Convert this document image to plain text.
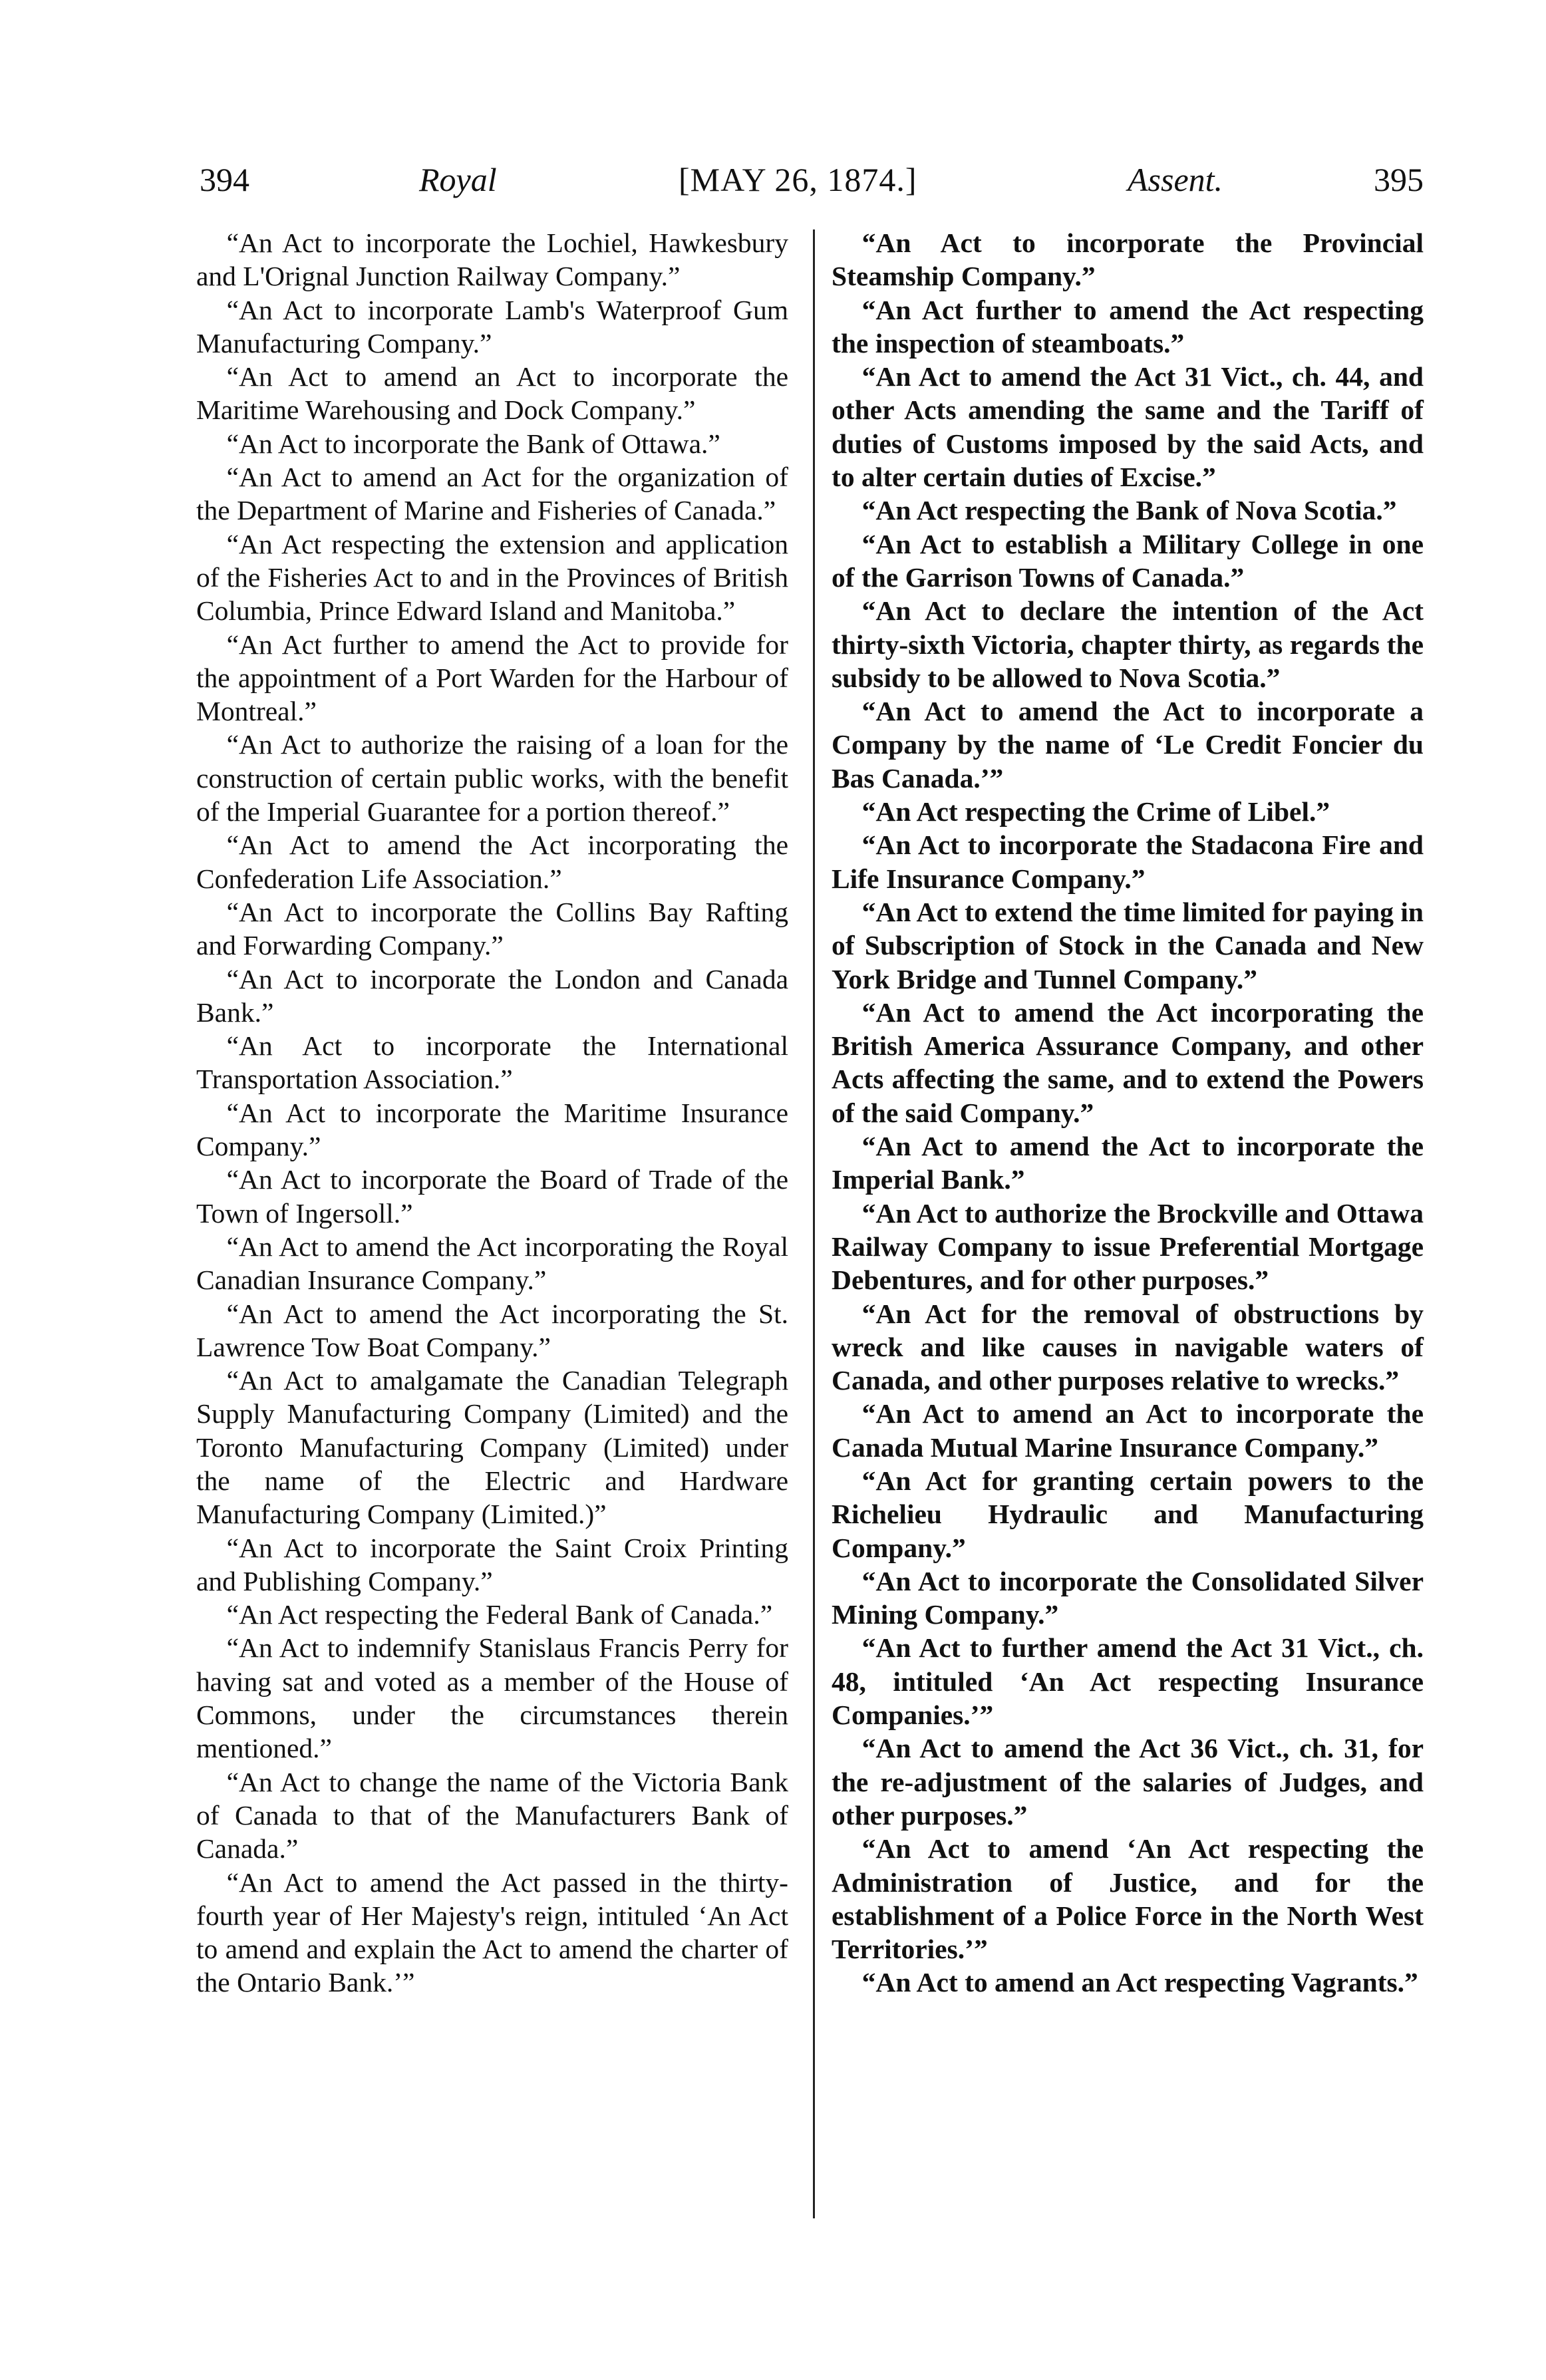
394	Royal	[MAY 26, 1874.]	Assent.	395

“An Act to incorporate the Lochiel, Hawkesbury and L'Orignal Junction Railway Company.”

“An Act to incorporate Lamb's Waterproof Gum Manufacturing Company.”

“An Act to amend an Act to incorporate the Maritime Warehousing and Dock Company.”

“An Act to incorporate the Bank of Ottawa.”

“An Act to amend an Act for the organization of the Department of Marine and Fisheries of Canada.”

“An Act respecting the extension and application of the Fisheries Act to and in the Provinces of British Columbia, Prince Edward Island and Manitoba.”

“An Act further to amend the Act to provide for the appointment of a Port Warden for the Harbour of Montreal.”

“An Act to authorize the raising of a loan for the construction of certain public works, with the benefit of the Imperial Guarantee for a portion thereof.”

“An Act to amend the Act incorporating the Confederation Life Association.”

“An Act to incorporate the Collins Bay Rafting and Forwarding Company.”

“An Act to incorporate the London and Canada Bank.”

“An Act to incorporate the International Transportation Association.”

“An Act to incorporate the Maritime Insurance Company.”

“An Act to incorporate the Board of Trade of the Town of Ingersoll.”

“An Act to amend the Act incorporating the Royal Canadian Insurance Company.”

“An Act to amend the Act incorporating the St. Lawrence Tow Boat Company.”

“An Act to amalgamate the Canadian Telegraph Supply Manufacturing Company (Limited) and the Toronto Manufacturing Company (Limited) under the name of the Electric and Hardware Manufacturing Company (Limited.)”

“An Act to incorporate the Saint Croix Printing and Publishing Company.”

“An Act respecting the Federal Bank of Canada.”

“An Act to indemnify Stanislaus Francis Perry for having sat and voted as a member of the House of Commons, under the circumstances therein mentioned.”

“An Act to change the name of the Victoria Bank of Canada to that of the Manufacturers Bank of Canada.”

“An Act to amend the Act passed in the thirty-fourth year of Her Majesty's reign, intituled ‘An Act to amend and explain the Act to amend the charter of the Ontario Bank.’”

“An Act to incorporate the Provincial Steamship Company.”

“An Act further to amend the Act respecting the inspection of steamboats.”

“An Act to amend the Act 31 Vict., ch. 44, and other Acts amending the same and the Tariff of duties of Customs imposed by the said Acts, and to alter certain duties of Excise.”

“An Act respecting the Bank of Nova Scotia.”

“An Act to establish a Military College in one of the Garrison Towns of Canada.”

“An Act to declare the intention of the Act thirty-sixth Victoria, chapter thirty, as regards the subsidy to be allowed to Nova Scotia.”

“An Act to amend the Act to incorporate a Company by the name of ‘Le Credit Foncier du Bas Canada.’”

“An Act respecting the Crime of Libel.”

“An Act to incorporate the Stadacona Fire and Life Insurance Company.”

“An Act to extend the time limited for paying in of Subscription of Stock in the Canada and New York Bridge and Tunnel Company.”

“An Act to amend the Act incorporating the British America Assurance Company, and other Acts affecting the same, and to extend the Powers of the said Company.”

“An Act to amend the Act to incorporate the Imperial Bank.”

“An Act to authorize the Brockville and Ottawa Railway Company to issue Preferential Mortgage Debentures, and for other purposes.”

“An Act for the removal of obstructions by wreck and like causes in navigable waters of Canada, and other purposes relative to wrecks.”

“An Act to amend an Act to incorporate the Canada Mutual Marine Insurance Company.”

“An Act for granting certain powers to the Richelieu Hydraulic and Manufacturing Company.”

“An Act to incorporate the Consolidated Silver Mining Company.”

“An Act to further amend the Act 31 Vict., ch. 48, intituled ‘An Act respecting Insurance Companies.’”

“An Act to amend the Act 36 Vict., ch. 31, for the re-adjustment of the salaries of Judges, and other purposes.”

“An Act to amend ‘An Act respecting the Administration of Justice, and for the establishment of a Police Force in the North West Territories.’”

“An Act to amend an Act respecting Vagrants.”
